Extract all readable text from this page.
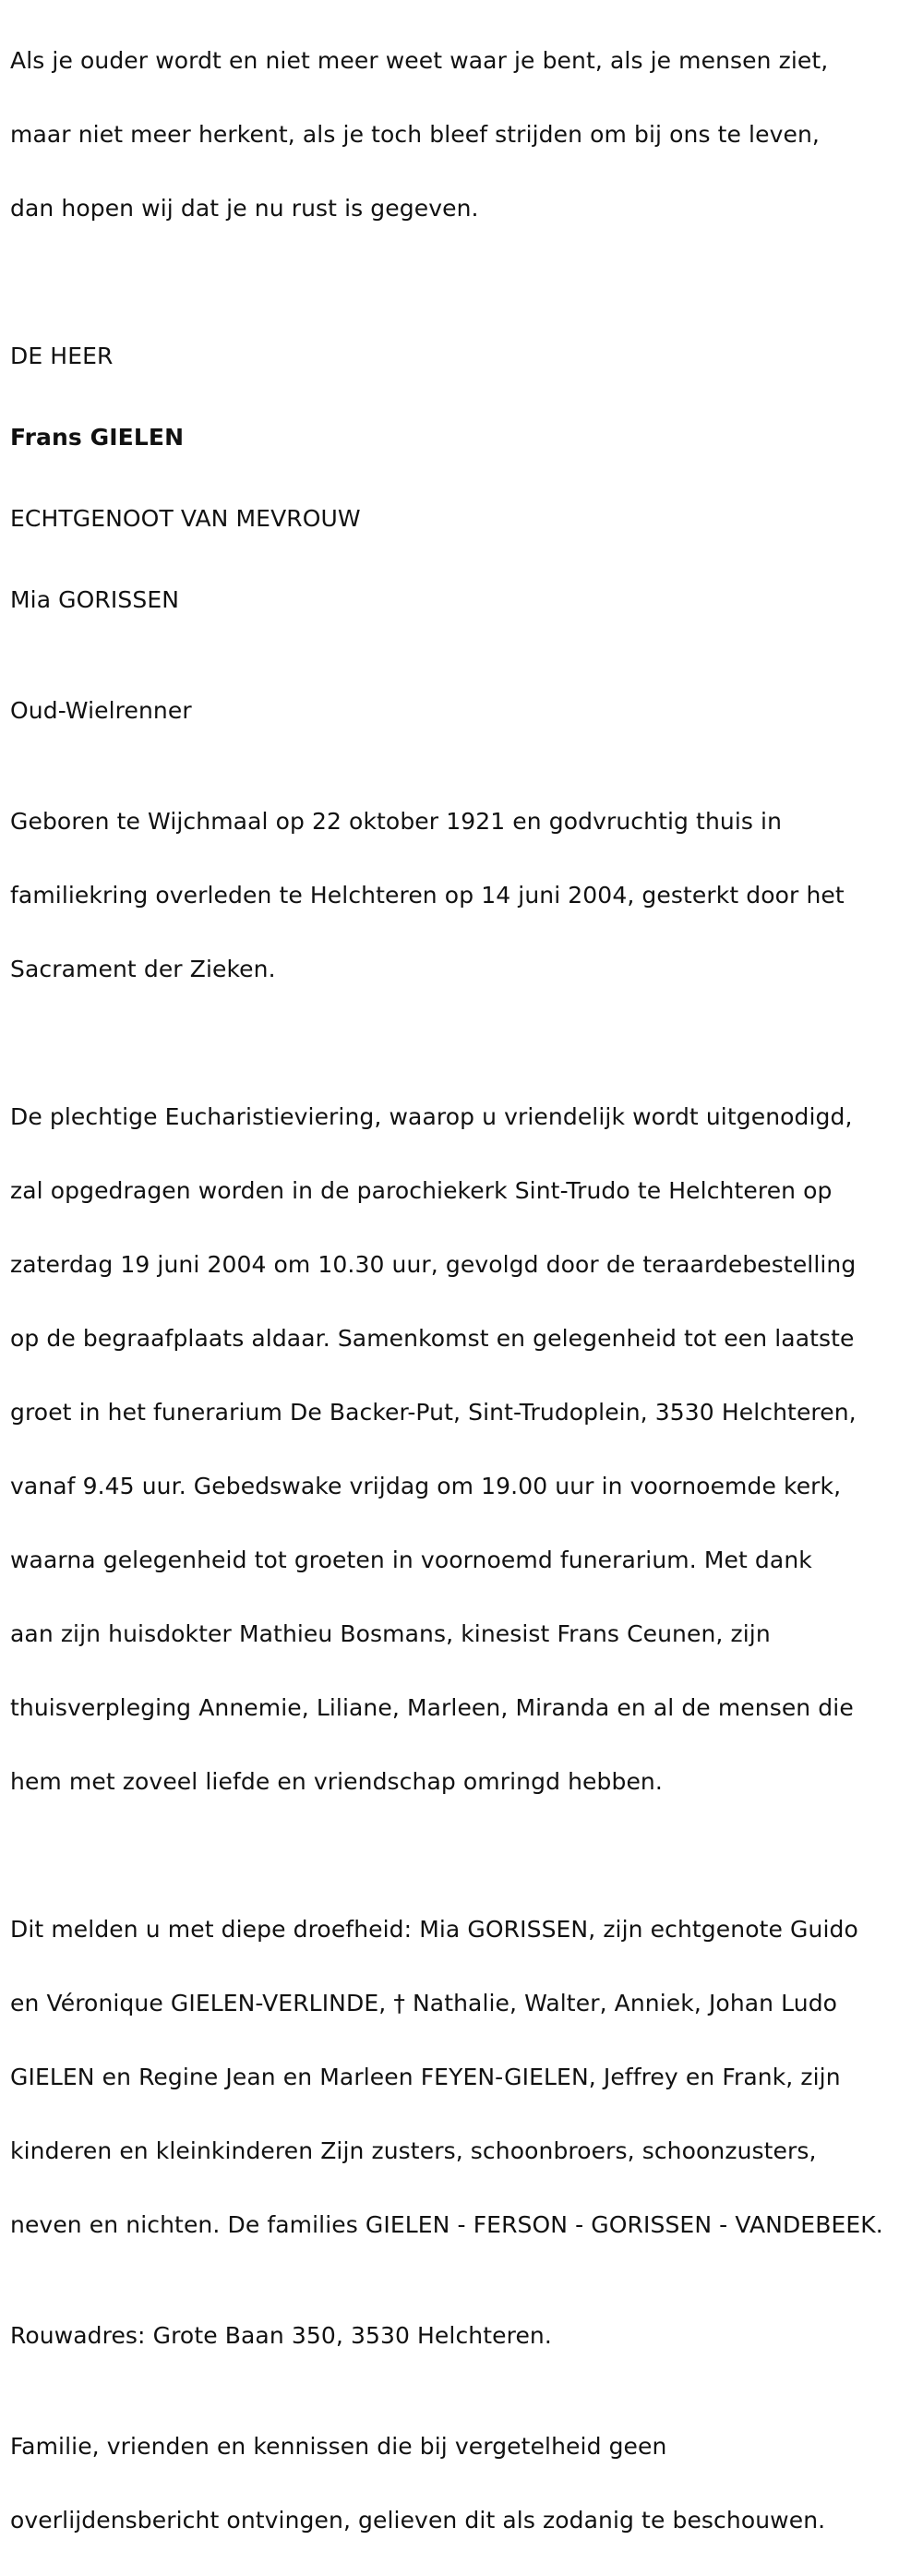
Als je ouder wordt en niet meer weet waar je bent, als je mensen ziet,

maar niet meer herkent, als je toch bleef strijden om bij ons te leven,

dan hopen wij dat je nu rust is gegeven.

DE HEER

Frans GIELEN

ECHTGENOOT VAN MEVROUW

Mia GORISSEN

Oud-Wielrenner

Geboren te Wijchmaal op 22 oktober 1921 en godvruchtig thuis in

familiekring overleden te Helchteren op 14 juni 2004, gesterkt door het

Sacrament der Zieken.

De plechtige Eucharistieviering, waarop u vriendelijk wordt uitgenodigd,

zal opgedragen worden in de parochiekerk Sint-Trudo te Helchteren op

zaterdag 19 juni 2004 om 10.30 uur, gevolgd door de teraardebestelling

op de begraafplaats aldaar. Samenkomst en gelegenheid tot een laatste

groet in het funerarium De Backer-Put, Sint-Trudoplein, 3530 Helchteren,

vanaf 9.45 uur. Gebedswake vrijdag om 19.00 uur in voornoemde kerk,

waarna gelegenheid tot groeten in voornoemd funerarium. Met dank

aan zijn huisdokter Mathieu Bosmans, kinesist Frans Ceunen, zijn

thuisverpleging Annemie, Liliane, Marleen, Miranda en al de mensen die

hem met zoveel liefde en vriendschap omringd hebben.

Dit melden u met diepe droefheid: Mia GORISSEN, zijn echtgenote Guido

en Véronique GIELEN-VERLINDE, † Nathalie, Walter, Anniek, Johan Ludo

GIELEN en Regine Jean en Marleen FEYEN-GIELEN, Jeffrey en Frank, zijn

kinderen en kleinkinderen Zijn zusters, schoonbroers, schoonzusters,

neven en nichten. De families GIELEN - FERSON - GORISSEN - VANDEBEEK.

Rouwadres: Grote Baan 350, 3530 Helchteren.

Familie, vrienden en kennissen die bij vergetelheid geen

overlijdensbericht ontvingen, gelieven dit als zodanig te beschouwen.
